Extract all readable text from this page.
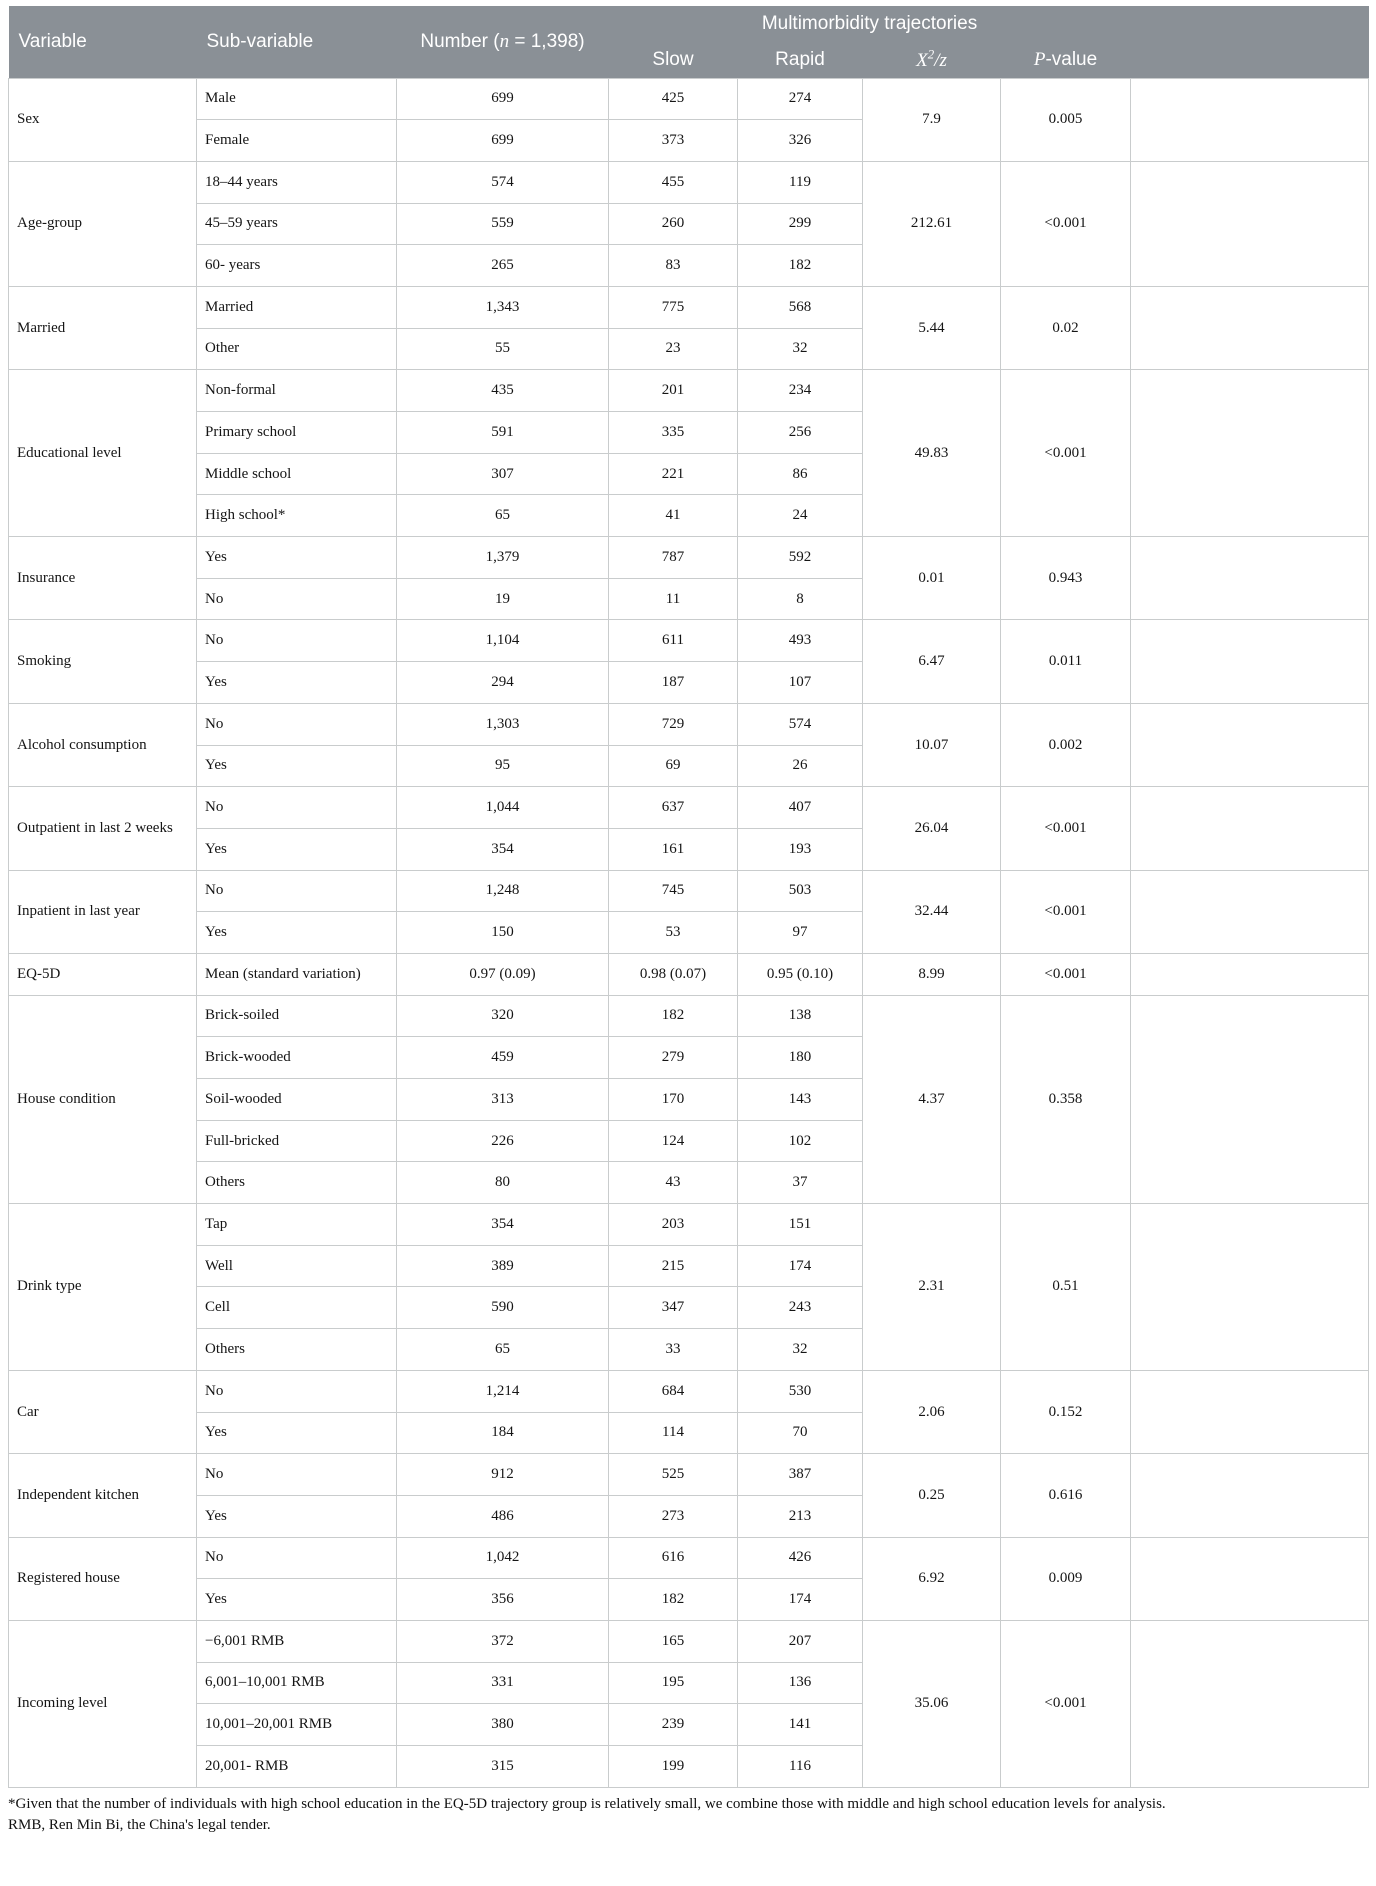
Variable	Sub-variable	Number (n = 1,398)	Multimorbidity trajectories				
			Slow	Rapid	$X^2/z$	P-value	
Sex	Male	699	425	274	7.9	0.005	
	Female	699	373	326			
Age-group	18–44 years	574	455	119	212.61	<0.001	
	45–59 years	559	260	299			
	60- years	265	83	182			
Married	Married	1,343	775	568	5.44	0.02	
	Other	55	23	32			
Educational level	Non-formal	435	201	234	49.83	<0.001	
	Primary school	591	335	256			
	Middle school	307	221	86			
	High school*	65	41	24			
Insurance	Yes	1,379	787	592	0.01	0.943	
	No	19	11	8			
Smoking	No	1,104	611	493	6.47	0.011	
	Yes	294	187	107			
Alcohol consumption	No	1,303	729	574	10.07	0.002	
	Yes	95	69	26			
Outpatient in last 2 weeks	No	1,044	637	407	26.04	<0.001	
	Yes	354	161	193			
Inpatient in last year	No	1,248	745	503	32.44	<0.001	
	Yes	150	53	97			
EQ-5D	Mean (standard variation)	0.97 (0.09)	0.98 (0.07)	0.95 (0.10)	8.99	<0.001	
House condition	Brick-soiled	320	182	138	4.37	0.358	
	Brick-wooded	459	279	180			
	Soil-wooded	313	170	143			
	Full-bricked	226	124	102			
	Others	80	43	37			
Drink type	Tap	354	203	151	2.31	0.51	
	Well	389	215	174			
	Cell	590	347	243			
	Others	65	33	32			
Car	No	1,214	684	530	2.06	0.152	
	Yes	184	114	70			
Independent kitchen	No	912	525	387	0.25	0.616	
	Yes	486	273	213			
Registered house	No	1,042	616	426	6.92	0.009	
	Yes	356	182	174			
Incoming level	−6,001 RMB	372	165	207	35.06	<0.001	
	6,001–10,001 RMB	331	195	136			
	10,001–20,001 RMB	380	239	141			
	20,001- RMB	315	199	116			

*Given that the number of individuals with high school education in the EQ-5D trajectory group is relatively small, we combine those with middle and high school education levels for analysis.

RMB, Ren Min Bi, the China's legal tender.
